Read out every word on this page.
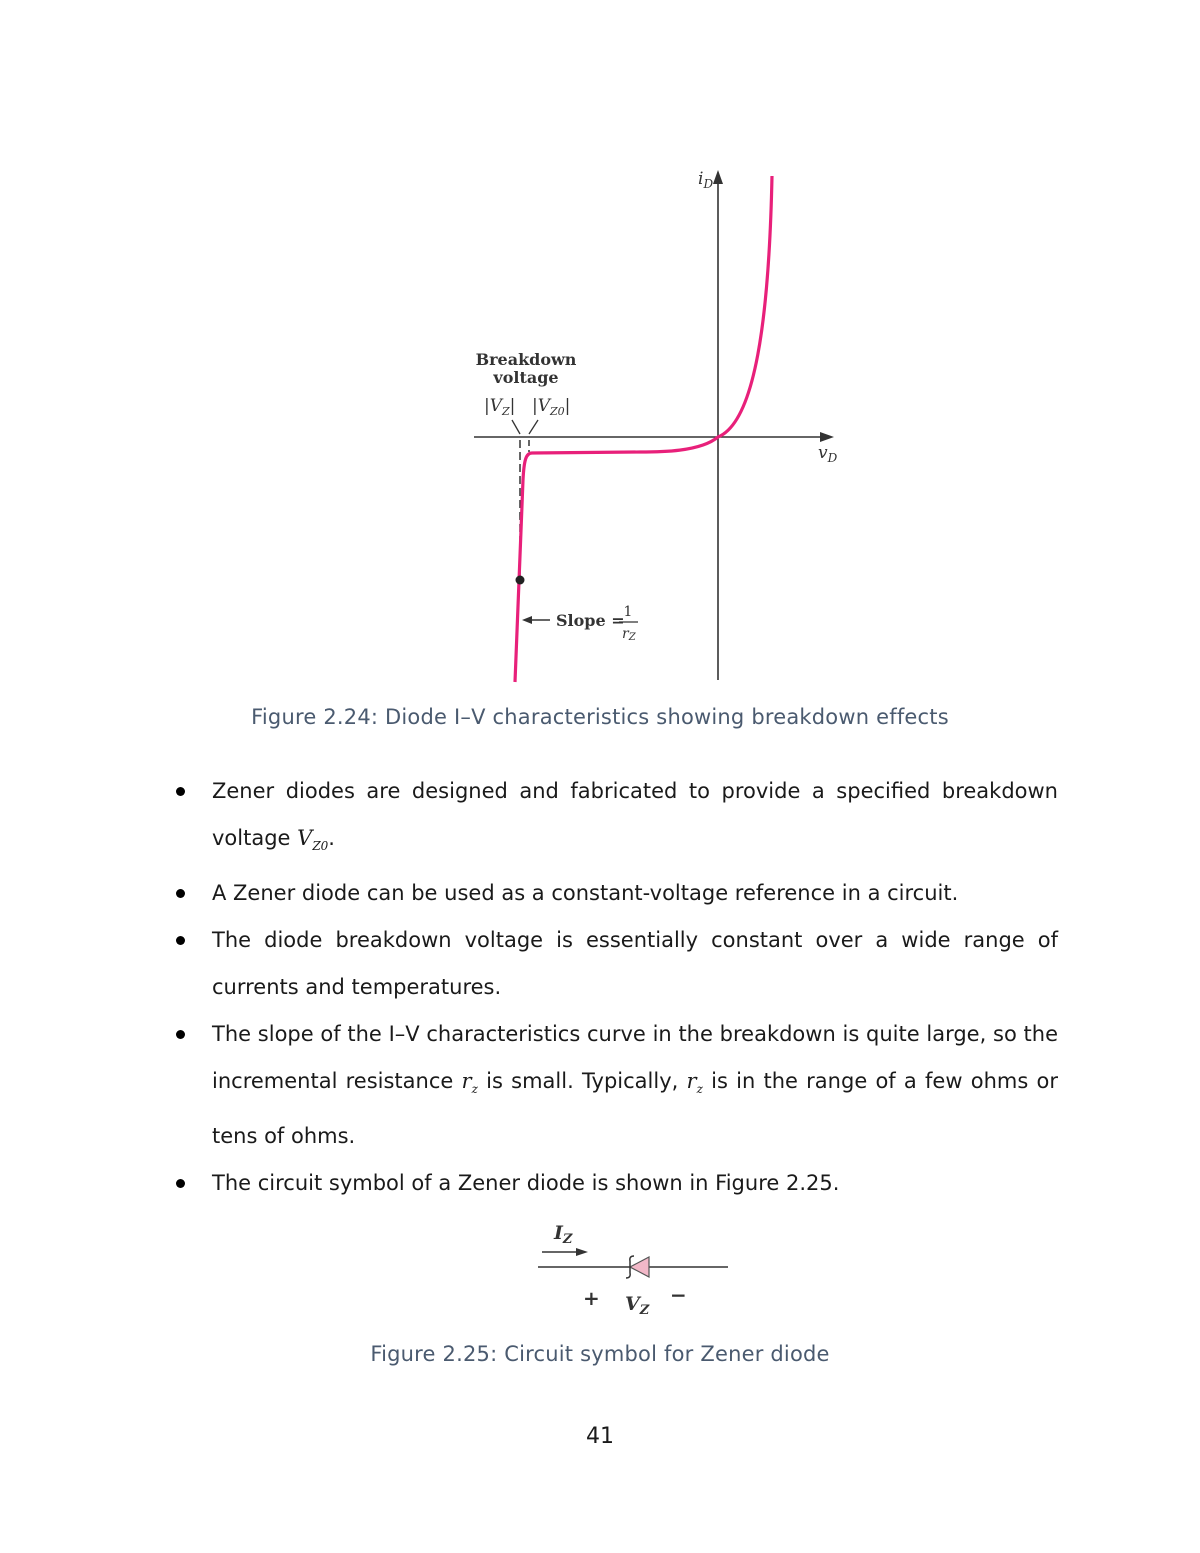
$i_D$
$v_D$
Breakdown
voltage
$|V_Z|$ $|V_{Z0}|$
Slope =
1
rZ
Figure 2.24: Diode I–V characteristics showing breakdown effects
Zener diodes are designed and fabricated to provide a specified breakdown voltage $V_{Z0}$.
A Zener diode can be used as a constant-voltage reference in a circuit.
The diode breakdown voltage is essentially constant over a wide range of currents and temperatures.
The slope of the I–V characteristics curve in the breakdown is quite large, so the incremental resistance $r_z$ is small. Typically, $r_z$ is in the range of a few ohms or tens of ohms.
The circuit symbol of a Zener diode is shown in Figure 2.25.
$I_Z$
+ $V_Z$
−
Figure 2.25: Circuit symbol for Zener diode
41
